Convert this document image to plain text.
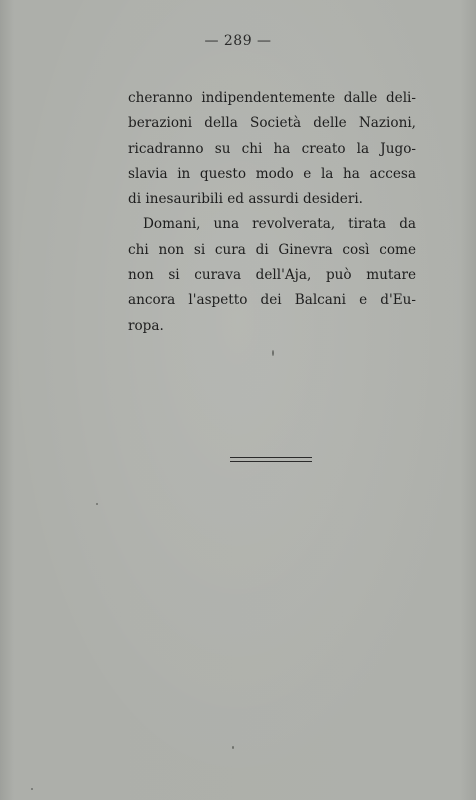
— 289 —
cheranno indipendentemente dalle deli-
berazioni della Società delle Nazioni,
ricadranno su chi ha creato la Jugo-
slavia in questo modo e la ha accesa
di inesauribili ed assurdi desideri.
Domani, una revolverata, tirata da
chi non si cura di Ginevra così come
non si curava dell'Aja, può mutare
ancora l'aspetto dei Balcani e d'Eu-
ropa.
